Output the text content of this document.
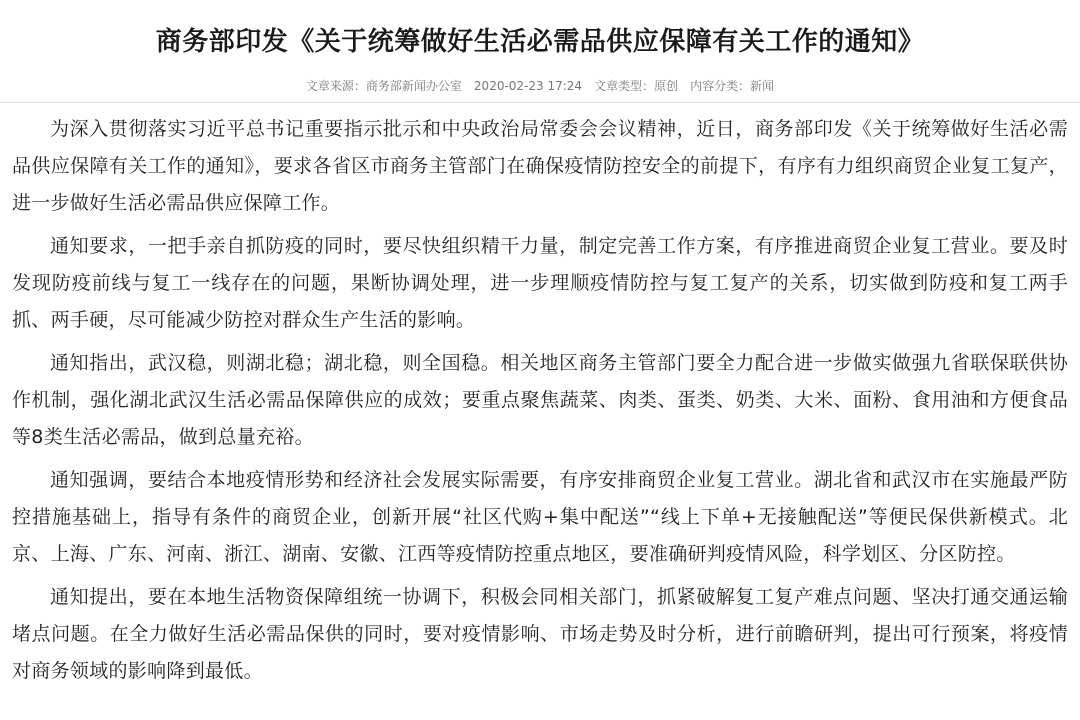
商务部印发《关于统筹做好生活必需品供应保障有关工作的通知》
文章来源：商务部新闻办公室 2020-02-23 17:24 文章类型：原创 内容分类：新闻

为深入贯彻落实习近平总书记重要指示批示和中央政治局常委会会议精神，近日，商务部印发《关于统筹做好生活必需品供应保障有关工作的通知》，要求各省区市商务主管部门在确保疫情防控安全的前提下，有序有力组织商贸企业复工复产，进一步做好生活必需品供应保障工作。

通知要求，一把手亲自抓防疫的同时，要尽快组织精干力量，制定完善工作方案，有序推进商贸企业复工营业。要及时发现防疫前线与复工一线存在的问题，果断协调处理，进一步理顺疫情防控与复工复产的关系，切实做到防疫和复工两手抓、两手硬，尽可能减少防控对群众生产生活的影响。

通知指出，武汉稳，则湖北稳；湖北稳，则全国稳。相关地区商务主管部门要全力配合进一步做实做强九省联保联供协作机制，强化湖北武汉生活必需品保障供应的成效；要重点聚焦蔬菜、肉类、蛋类、奶类、大米、面粉、食用油和方便食品等8类生活必需品，做到总量充裕。

通知强调，要结合本地疫情形势和经济社会发展实际需要，有序安排商贸企业复工营业。湖北省和武汉市在实施最严防控措施基础上，指导有条件的商贸企业，创新开展“社区代购+集中配送”“线上下单+无接触配送”等便民保供新模式。北京、上海、广东、河南、浙江、湖南、安徽、江西等疫情防控重点地区，要准确研判疫情风险，科学划区、分区防控。

通知提出，要在本地生活物资保障组统一协调下，积极会同相关部门，抓紧破解复工复产难点问题、坚决打通交通运输堵点问题。在全力做好生活必需品保供的同时，要对疫情影响、市场走势及时分析，进行前瞻研判，提出可行预案，将疫情对商务领域的影响降到最低。
